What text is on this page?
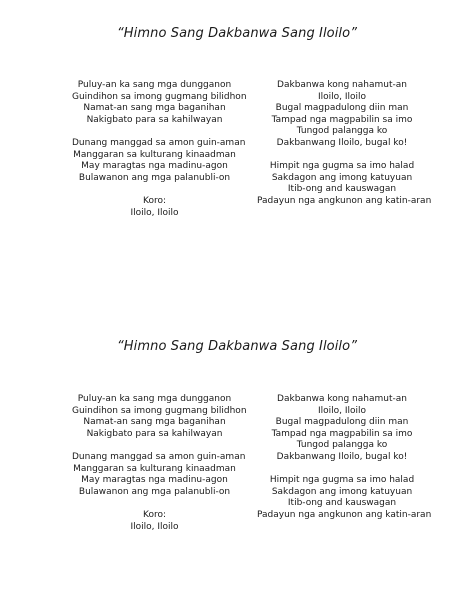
“Himno Sang Dakbanwa Sang Iloilo”
Puluy-an ka sang mga dungganon
Guindihon sa imong gugmang bilidhon
Namat-an sang mga baganihan
Nakigbato para sa kahilwayan
Dunang manggad sa amon guin-aman
Manggaran sa kulturang kinaadman
May maragtas nga madinu-agon
Bulawanon ang mga palanubli-on
Koro:
Iloilo, Iloilo
Dakbanwa kong nahamut-an
Iloilo, Iloilo
Bugal magpadulong diin man
Tampad nga magpabilin sa imo
Tungod palangga ko
Dakbanwang Iloilo, bugal ko!
Himpit nga gugma sa imo halad
Sakdagon ang imong katuyuan
Itib-ong and kauswagan
Padayun nga angkunon ang katin-aran
“Himno Sang Dakbanwa Sang Iloilo”
Puluy-an ka sang mga dungganon
Guindihon sa imong gugmang bilidhon
Namat-an sang mga baganihan
Nakigbato para sa kahilwayan
Dunang manggad sa amon guin-aman
Manggaran sa kulturang kinaadman
May maragtas nga madinu-agon
Bulawanon ang mga palanubli-on
Koro:
Iloilo, Iloilo
Dakbanwa kong nahamut-an
Iloilo, Iloilo
Bugal magpadulong diin man
Tampad nga magpabilin sa imo
Tungod palangga ko
Dakbanwang Iloilo, bugal ko!
Himpit nga gugma sa imo halad
Sakdagon ang imong katuyuan
Itib-ong and kauswagan
Padayun nga angkunon ang katin-aran
